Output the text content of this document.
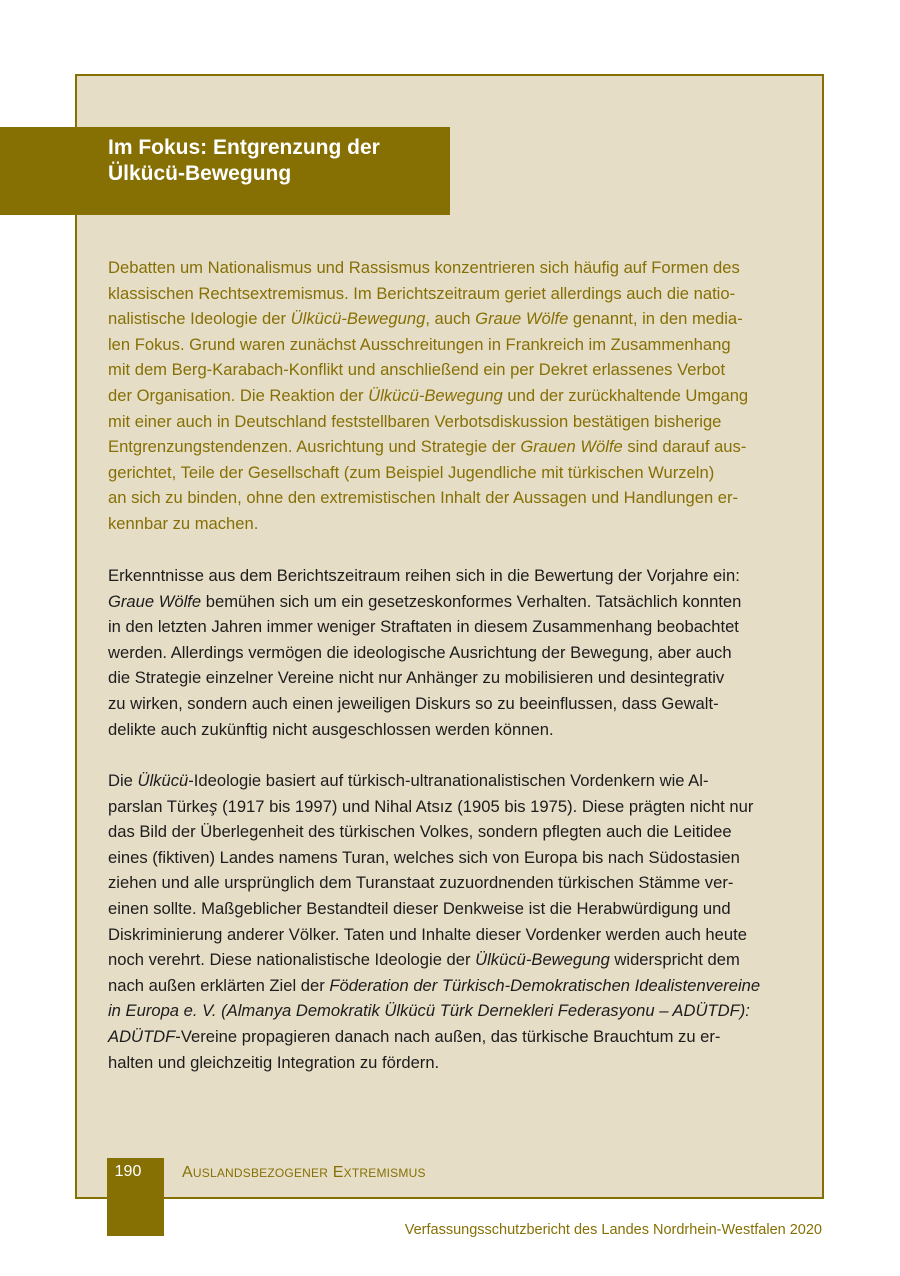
Im Fokus: Entgrenzung der
Ülkücü-Bewegung
Debatten um Nationalismus und Rassismus konzentrieren sich häufig auf Formen des
klassischen Rechtsextremismus. Im Berichtszeitraum geriet allerdings auch die natio-
nalistische Ideologie der Ülkücü-Bewegung, auch Graue Wölfe genannt, in den media-
len Fokus. Grund waren zunächst Ausschreitungen in Frankreich im Zusammenhang
mit dem Berg-Karabach-Konflikt und anschließend ein per Dekret erlassenes Verbot
der Organisation. Die Reaktion der Ülkücü-Bewegung und der zurückhaltende Umgang
mit einer auch in Deutschland feststellbaren Verbotsdiskussion bestätigen bisherige
Entgrenzungstendenzen. Ausrichtung und Strategie der Grauen Wölfe sind darauf aus-
gerichtet, Teile der Gesellschaft (zum Beispiel Jugendliche mit türkischen Wurzeln)
an sich zu binden, ohne den extremistischen Inhalt der Aussagen und Handlungen er-
kennbar zu machen.
Erkenntnisse aus dem Berichtszeitraum reihen sich in die Bewertung der Vorjahre ein:
Graue Wölfe bemühen sich um ein gesetzeskonformes Verhalten. Tatsächlich konnten
in den letzten Jahren immer weniger Straftaten in diesem Zusammenhang beobachtet
werden. Allerdings vermögen die ideologische Ausrichtung der Bewegung, aber auch
die Strategie einzelner Vereine nicht nur Anhänger zu mobilisieren und desintegrativ
zu wirken, sondern auch einen jeweiligen Diskurs so zu beeinflussen, dass Gewalt-
delikte auch zukünftig nicht ausgeschlossen werden können.
Die Ülkücü-Ideologie basiert auf türkisch-ultranationalistischen Vordenkern wie Al-
parslan Türkeş (1917 bis 1997) und Nihal Atsız (1905 bis 1975). Diese prägten nicht nur
das Bild der Überlegenheit des türkischen Volkes, sondern pflegten auch die Leitidee
eines (fiktiven) Landes namens Turan, welches sich von Europa bis nach Südostasien
ziehen und alle ursprünglich dem Turanstaat zuzuordnenden türkischen Stämme ver-
einen sollte. Maßgeblicher Bestandteil dieser Denkweise ist die Herabwürdigung und
Diskriminierung anderer Völker. Taten und Inhalte dieser Vordenker werden auch heute
noch verehrt. Diese nationalistische Ideologie der Ülkücü-Bewegung widerspricht dem
nach außen erklärten Ziel der Föderation der Türkisch-Demokratischen Idealistenvereine
in Europa e. V. (Almanya Demokratik Ülkücü Türk Dernekleri Federasyonu – ADÜTDF):
ADÜTDF-Vereine propagieren danach nach außen, das türkische Brauchtum zu er-
halten und gleichzeitig Integration zu fördern.
190	AUSLANDSBEZOGENER EXTREMISMUS
Verfassungsschutzbericht des Landes Nordrhein-Westfalen 2020
